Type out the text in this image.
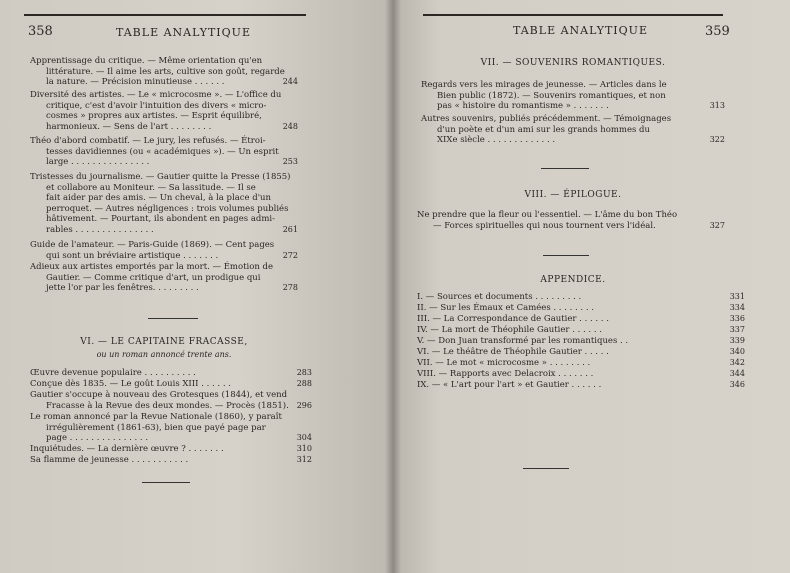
358	TABLE ANALYTIQUE
Apprentissage du critique. — Même orientation qu'en
littérature. — Il aime les arts, cultive son goût, regarde
la nature. — Précision minutieuse . . . . . .	244
Diversité des artistes. — Le « microcosme ». — L'office du
critique, c'est d'avoir l'intuition des divers « micro-
cosmes » propres aux artistes. — Esprit équilibré,
harmonieux. — Sens de l'art . . . . . . . .	248
Théo d'abord combatif. — Le jury, les refusés. — Étroi-
tesses davidiennes (ou « académiques »). — Un esprit
large . . . . . . . . . . . . . . .	253
Tristesses du journalisme. — Gautier quitte la Presse (1855)
et collabore au Moniteur. — Sa lassitude. — Il se
fait aider par des amis. — Un cheval, à la place d'un
perroquet. — Autres négligences : trois volumes publiés
hâtivement. — Pourtant, ils abondent en pages admi-
rables . . . . . . . . . . . . . . .	261
Guide de l'amateur. — Paris-Guide (1869). — Cent pages
qui sont un bréviaire artistique . . . . . . .	272
Adieux aux artistes emportés par la mort. — Émotion de
Gautier. — Comme critique d'art, un prodigue qui
jette l'or par les fenêtres. . . . . . . . .	278
VI. — LE CAPITAINE FRACASSE,
ou un roman annoncé trente ans.
Œuvre devenue populaire . . . . . . . . . .	283
Conçue dès 1835. — Le goût Louis XIII . . . . . .	288
Gautier s'occupe à nouveau des Grotesques (1844), et vend
Fracasse à la Revue des deux mondes. — Procès (1851). 296
Le roman annoncé par la Revue Nationale (1860), y paraît
irrégulièrement (1861-63), bien que payé page par
page . . . . . . . . . . . . . . .	304
Inquiétudes. — La dernière œuvre ? . . . . . . .	310
Sa flamme de jeunesse . . . . . . . . . . .	312
TABLE ANALYTIQUE	359
VII. — SOUVENIRS ROMANTIQUES.
Regards vers les mirages de jeunesse. — Articles dans le
Bien public (1872). — Souvenirs romantiques, et non
pas « histoire du romantisme » . . . . . . .	313
Autres souvenirs, publiés précédemment. — Témoignages
d'un poète et d'un ami sur les grands hommes du
XIXe siècle . . . . . . . . . . . . .	322
VIII. — ÉPILOGUE.
Ne prendre que la fleur ou l'essentiel. — L'âme du bon Théo
— Forces spirituelles qui nous tournent vers l'idéal.	327
APPENDICE.
I. — Sources et documents . . . . . . . . .	331
II. — Sur les Émaux et Camées . . . . . . . .	334
III. — La Correspondance de Gautier . . . . . .	336
IV. — La mort de Théophile Gautier . . . . . .	337
V. — Don Juan transformé par les romantiques . .	339
VI. — Le théâtre de Théophile Gautier . . . . .	340
VII. — Le mot « microcosme » . . . . . . . .	342
VIII. — Rapports avec Delacroix . . . . . . .	344
IX. — « L'art pour l'art » et Gautier . . . . . .	346
